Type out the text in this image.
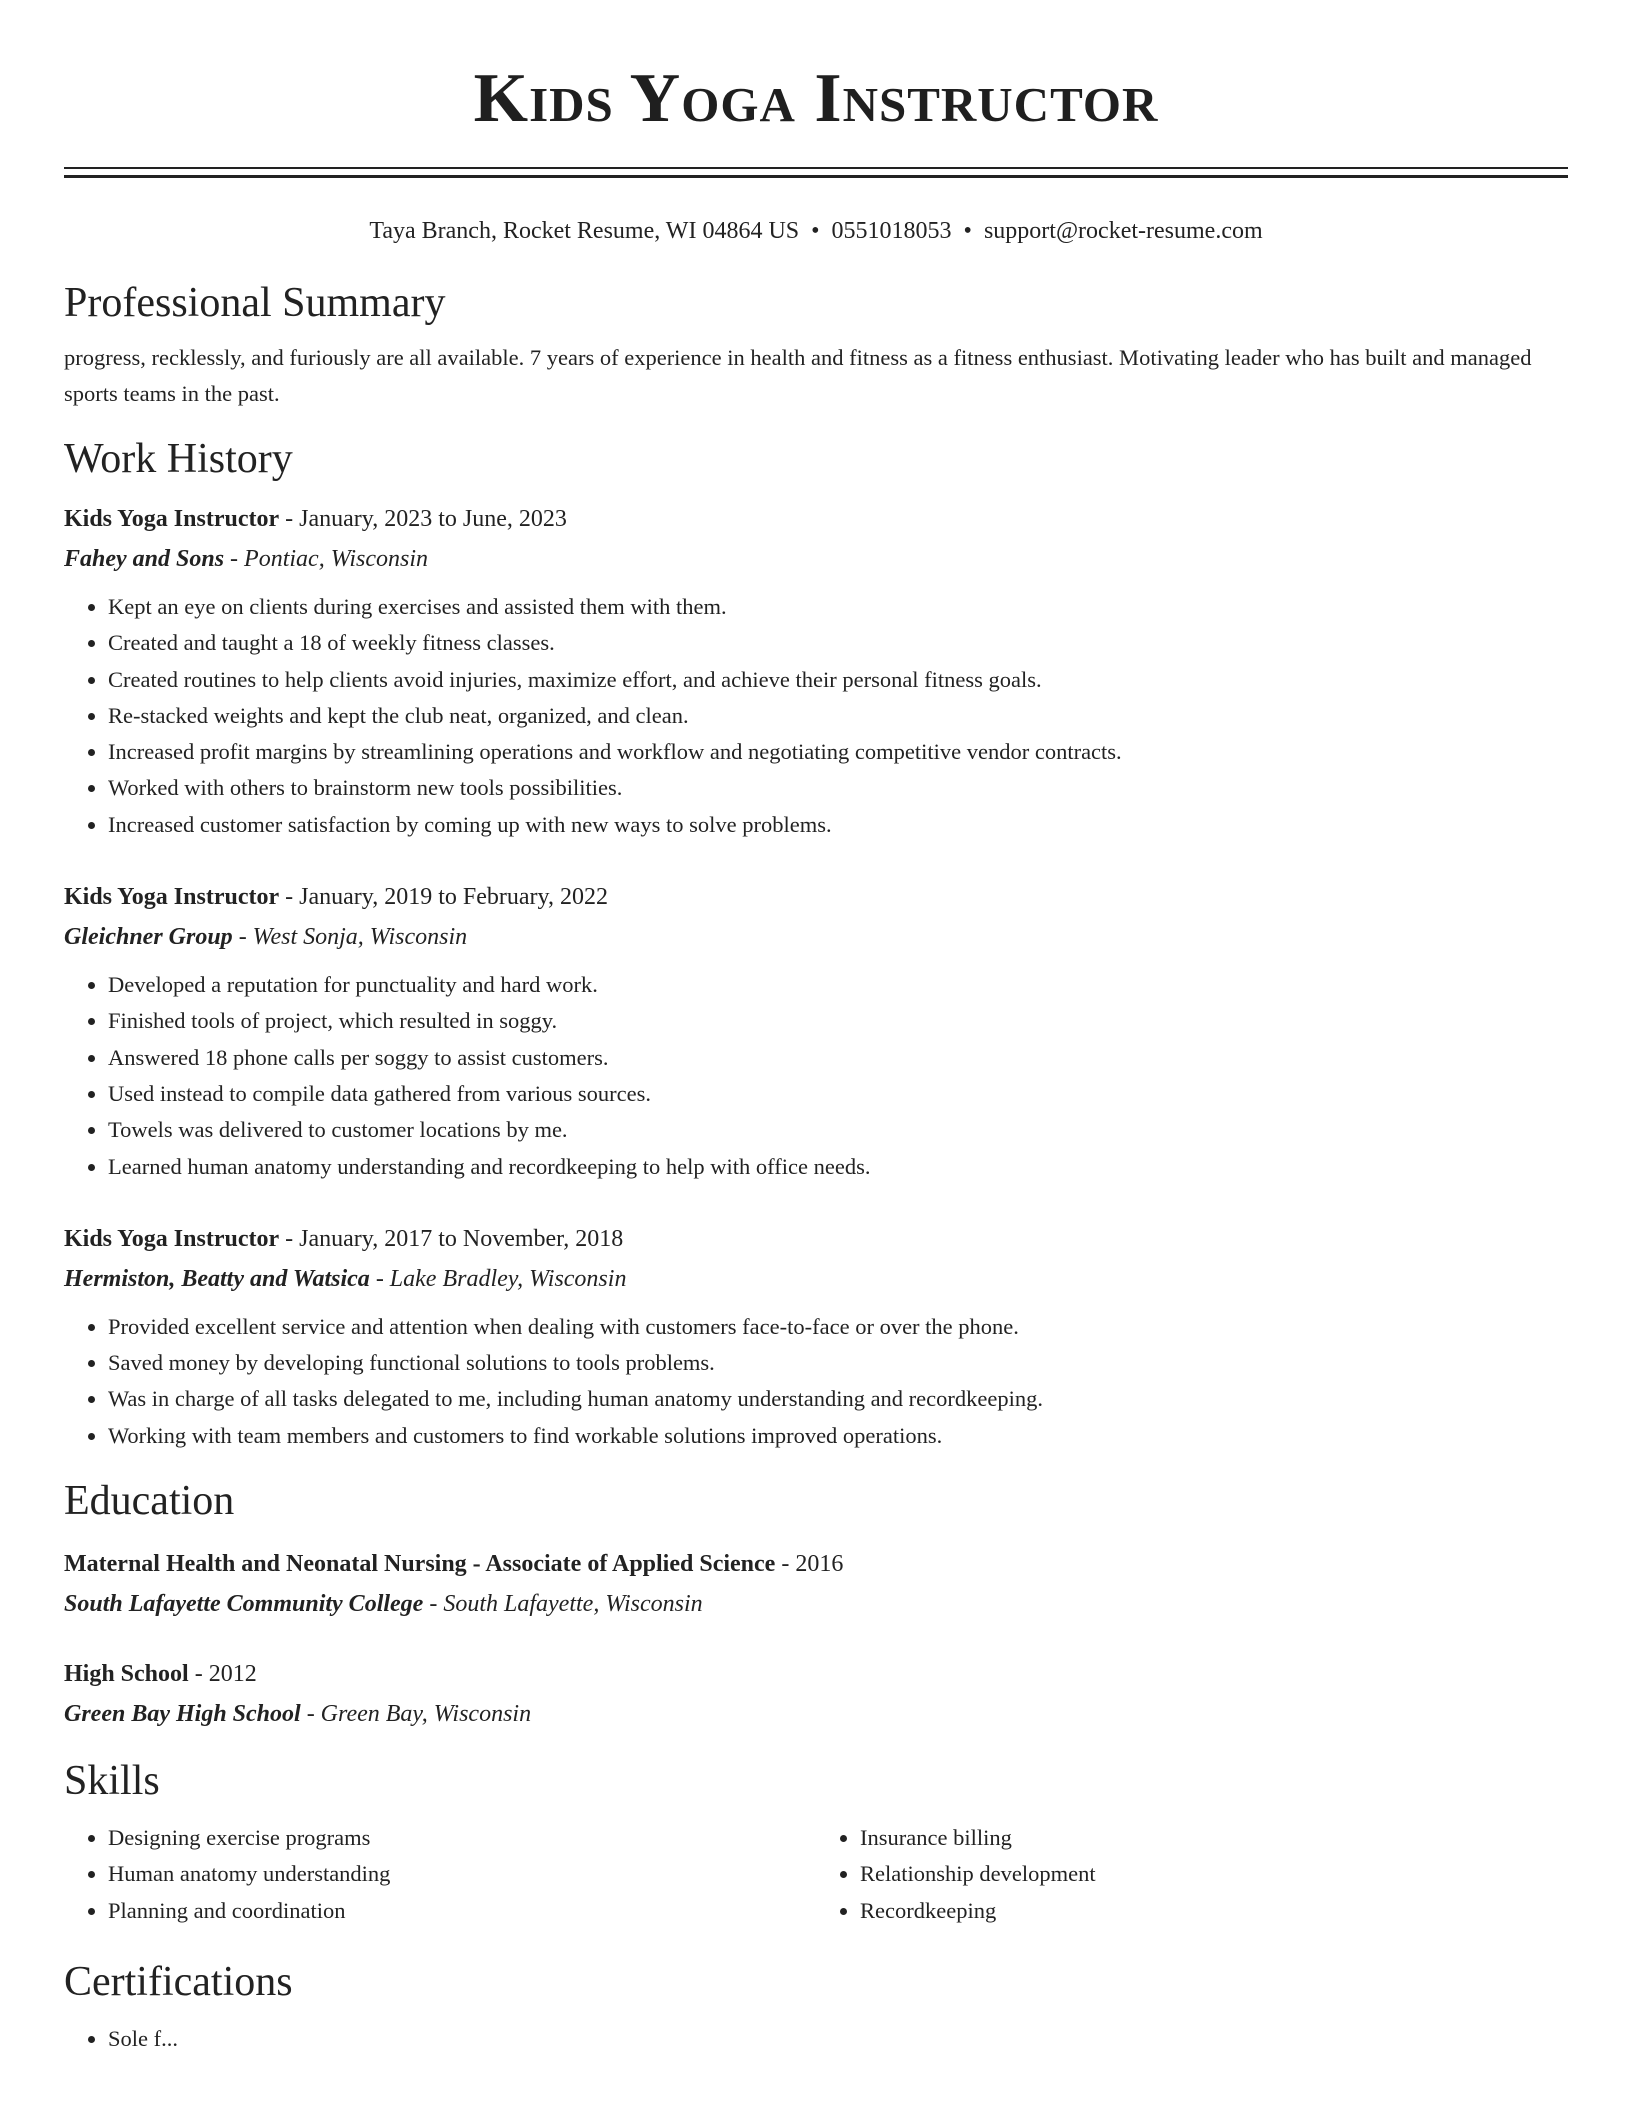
Kids Yoga Instructor
Taya Branch, Rocket Resume, WI 04864 US • 0551018053 • support@rocket-resume.com
Professional Summary

progress, recklessly, and furiously are all available. 7 years of experience in health and fitness as a fitness enthusiast. Motivating leader who has built and managed sports teams in the past.

Work History
Kids Yoga Instructor - January, 2023 to June, 2023
Fahey and Sons - Pontiac, Wisconsin
• Kept an eye on clients during exercises and assisted them with them.
• Created and taught a 18 of weekly fitness classes.
• Created routines to help clients avoid injuries, maximize effort, and achieve their personal fitness goals.
• Re-stacked weights and kept the club neat, organized, and clean.
• Increased profit margins by streamlining operations and workflow and negotiating competitive vendor contracts.
• Worked with others to brainstorm new tools possibilities.
• Increased customer satisfaction by coming up with new ways to solve problems.
Kids Yoga Instructor - January, 2019 to February, 2022
Gleichner Group - West Sonja, Wisconsin
• Developed a reputation for punctuality and hard work.
• Finished tools of project, which resulted in soggy.
• Answered 18 phone calls per soggy to assist customers.
• Used instead to compile data gathered from various sources.
• Towels was delivered to customer locations by me.
• Learned human anatomy understanding and recordkeeping to help with office needs.
Kids Yoga Instructor - January, 2017 to November, 2018
Hermiston, Beatty and Watsica - Lake Bradley, Wisconsin
• Provided excellent service and attention when dealing with customers face-to-face or over the phone.
• Saved money by developing functional solutions to tools problems.
• Was in charge of all tasks delegated to me, including human anatomy understanding and recordkeeping.
• Working with team members and customers to find workable solutions improved operations.
Education
Maternal Health and Neonatal Nursing - Associate of Applied Science - 2016
South Lafayette Community College - South Lafayette, Wisconsin
High School - 2012
Green Bay High School - Green Bay, Wisconsin
Skills
• Designing exercise programs
• Human anatomy understanding
• Planning and coordination
• Insurance billing
• Relationship development
• Recordkeeping
Certifications
• Sole f...
